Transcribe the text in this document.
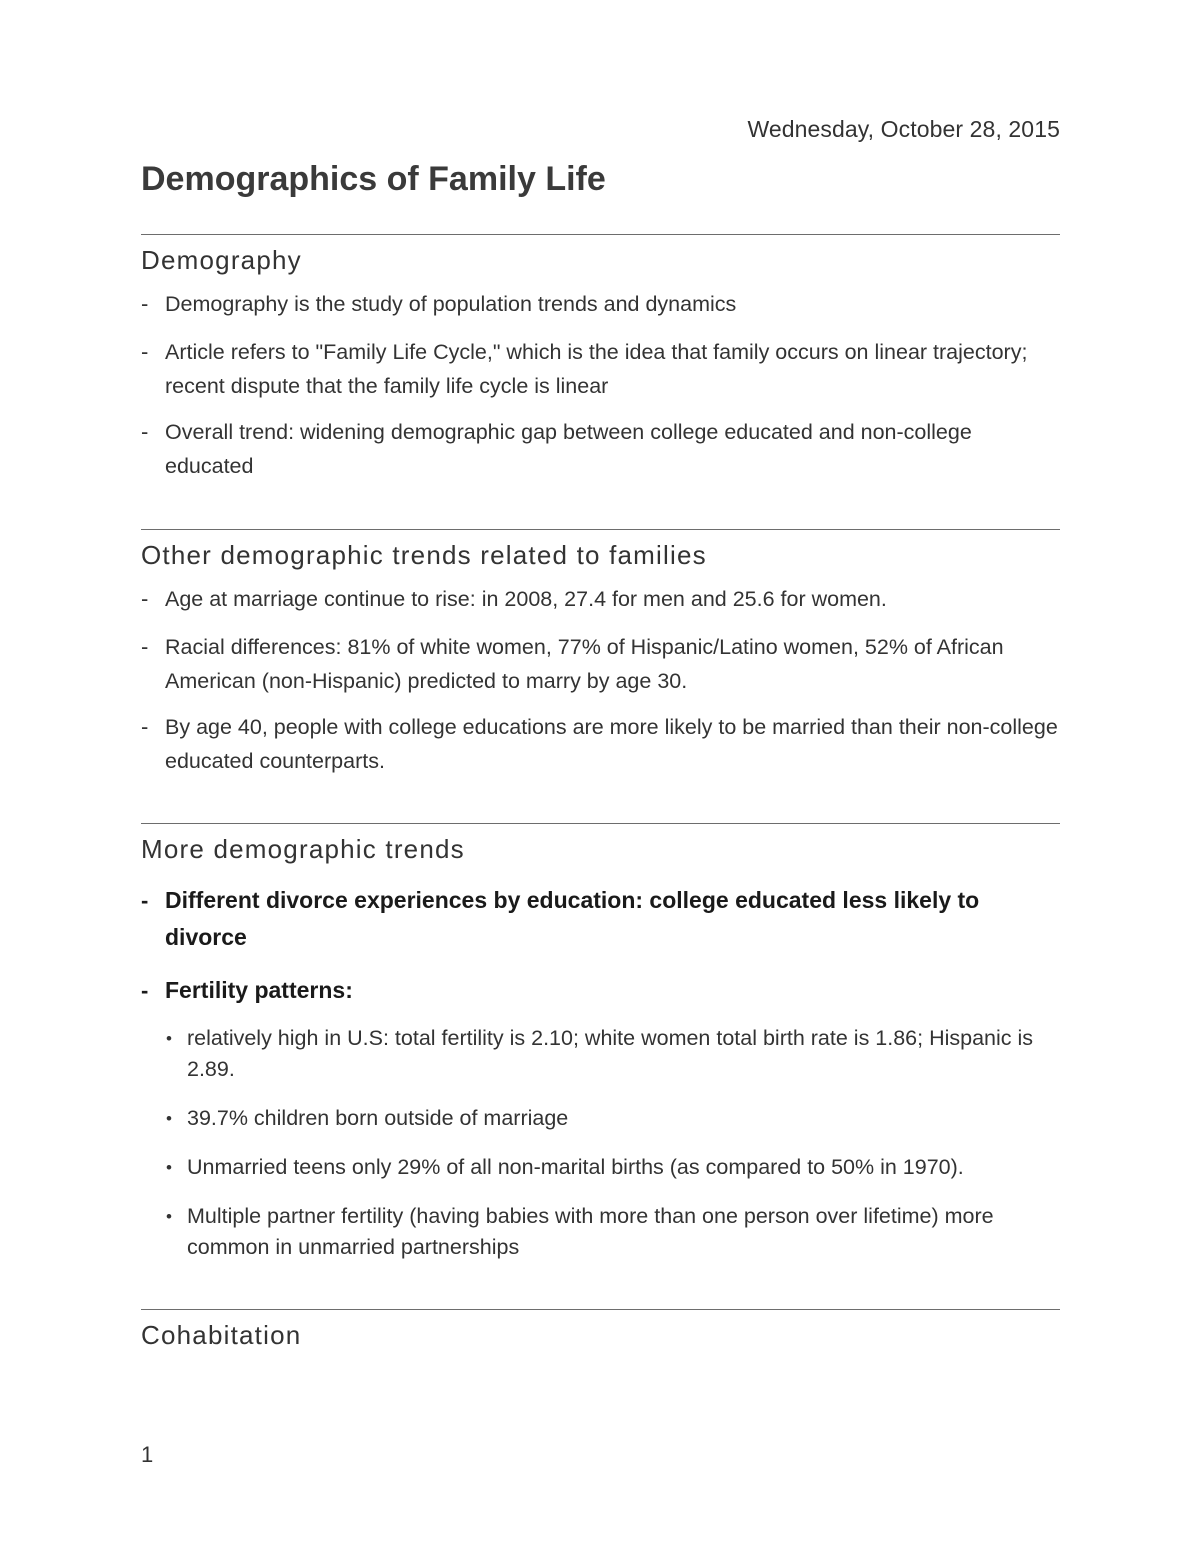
Wednesday, October 28, 2015
Demographics of Family Life
Demography
- Demography is the study of population trends and dynamics
- Article refers to "Family Life Cycle," which is the idea that family occurs on linear trajectory; recent dispute that the family life cycle is linear
- Overall trend: widening demographic gap between college educated and non-college educated
Other demographic trends related to families
- Age at marriage continue to rise: in 2008, 27.4 for men and 25.6 for women.
- Racial differences: 81% of white women, 77% of Hispanic/Latino women, 52% of African American (non-Hispanic) predicted to marry by age 30.
- By age 40, people with college educations are more likely to be married than their non-college educated counterparts.
More demographic trends
- Different divorce experiences by education: college educated less likely to divorce
- Fertility patterns:
• relatively high in U.S: total fertility is 2.10; white women total birth rate is 1.86; Hispanic is 2.89.
• 39.7% children born outside of marriage
• Unmarried teens only 29% of all non-marital births (as compared to 50% in 1970).
• Multiple partner fertility (having babies with more than one person over lifetime) more common in unmarried partnerships
Cohabitation
1
